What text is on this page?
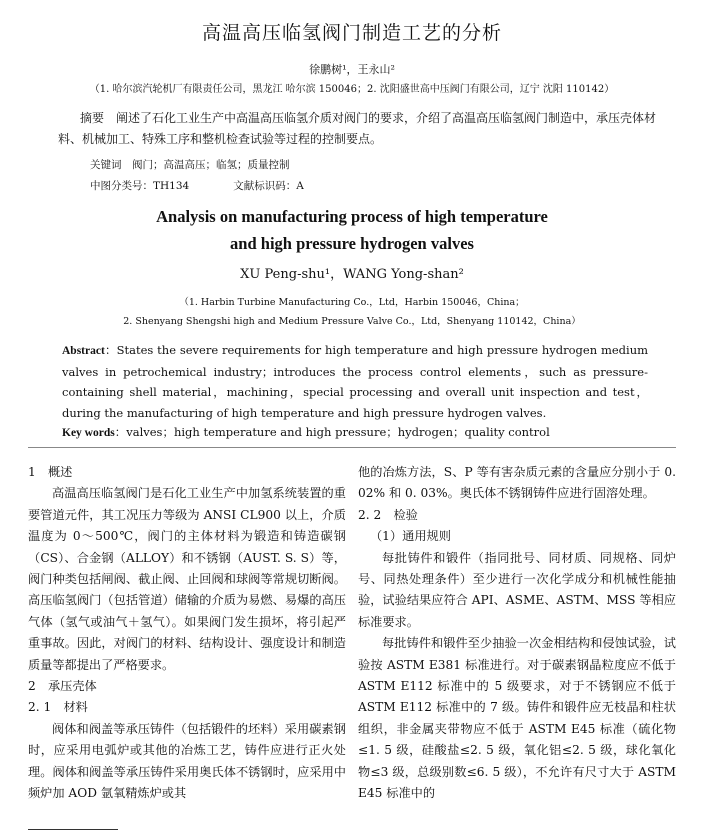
高温高压临氢阀门制造工艺的分析
徐鹏树¹，王永山²
（1. 哈尔滨汽轮机厂有限责任公司，黑龙江 哈尔滨 150046；2. 沈阳盛世高中压阀门有限公司，辽宁 沈阳 110142）
摘要　阐述了石化工业生产中高温高压临氢介质对阀门的要求，介绍了高温高压临氢阀门制造中，承压壳体材料、机械加工、特殊工序和整机检查试验等过程的控制要点。
关键词　阀门；高温高压；临氢；质量控制
中图分类号：TH134	文献标识码：A
Analysis on manufacturing process of high temperature
and high pressure hydrogen valves
XU Peng-shu¹，WANG Yong-shan²
（1. Harbin Turbine Manufacturing Co.，Ltd，Harbin 150046，China；
2. Shenyang Shengshi high and Medium Pressure Valve Co.，Ltd，Shenyang 110142，China）
Abstract：States the severe requirements for high temperature and high pressure hydrogen medium valves in petrochemical industry；introduces the process control elements，such as pressure-containing shell material，machining，special processing and overall unit inspection and test，during the manufacturing of high temperature and high pressure hydrogen valves.
Key words：valves；high temperature and high pressure；hydrogen；quality control
1　概述

高温高压临氢阀门是石化工业生产中加氢系统装置的重要管道元件，其工况压力等级为 ANSI CL900 以上，介质温度为 0～500℃，阀门的主体材料为锻造和铸造碳钢（CS）、合金钢（ALLOY）和不锈钢（AUST. S. S）等，阀门种类包括闸阀、截止阀、止回阀和球阀等常规切断阀。高压临氢阀门（包括管道）储输的介质为易燃、易爆的高压气体（氢气或油气＋氢气）。如果阀门发生损坏，将引起严重事故。因此，对阀门的材料、结构设计、强度设计和制造质量等都提出了严格要求。

2　承压壳体
2. 1　材料

阀体和阀盖等承压铸件（包括锻件的坯料）采用碳素钢时，应采用电弧炉或其他的冶炼工艺，铸件应进行正火处理。阀体和阀盖等承压铸件采用奥氏体不锈钢时，应采用中频炉加 AOD 氩氧精炼炉或其

他的冶炼方法，S、P 等有害杂质元素的含量应分别小于 0. 02% 和 0. 03%。奥氏体不锈钢铸件应进行固溶处理。

2. 2　检验
（1）通用规则

每批铸件和锻件（指同批号、同材质、同规格、同炉号、同热处理条件）至少进行一次化学成分和机械性能抽验，试验结果应符合 API、ASME、ASTM、MSS 等相应标准要求。

每批铸件和锻件至少抽验一次金相结构和侵蚀试验，试验按 ASTM E381 标准进行。对于碳素钢晶粒度应不低于 ASTM E112 标准中的 5 级要求，对于不锈钢应不低于 ASTM E112 标准中的 7 级。铸件和锻件应无枝晶和柱状组织，非金属夹带物应不低于 ASTM E45 标准（硫化物≤1. 5 级，硅酸盐≤2. 5 级，氧化铝≤2. 5 级，球化氧化物≤3 级，总级别数≤6. 5 级），不允许有尺寸大于 ASTM E45 标准中的
